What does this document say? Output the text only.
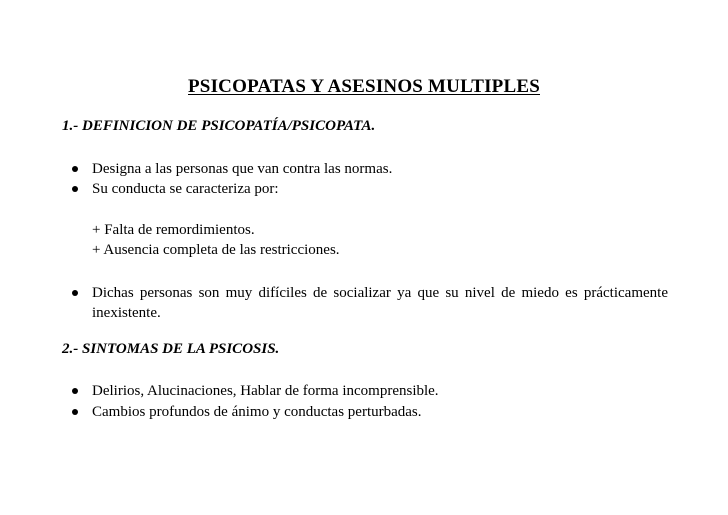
PSICOPATAS Y ASESINOS MULTIPLES
1.- DEFINICION DE PSICOPATÍA/PSICOPATA.
Designa a las personas que van contra las normas.
Su conducta se caracteriza por:
+ Falta de remordimientos.
+ Ausencia completa de las restricciones.
Dichas personas son muy difíciles de socializar ya que su nivel de miedo es prácticamente inexistente.
2.- SINTOMAS DE LA PSICOSIS.
Delirios, Alucinaciones, Hablar de forma incomprensible.
Cambios profundos de ánimo y conductas perturbadas.
